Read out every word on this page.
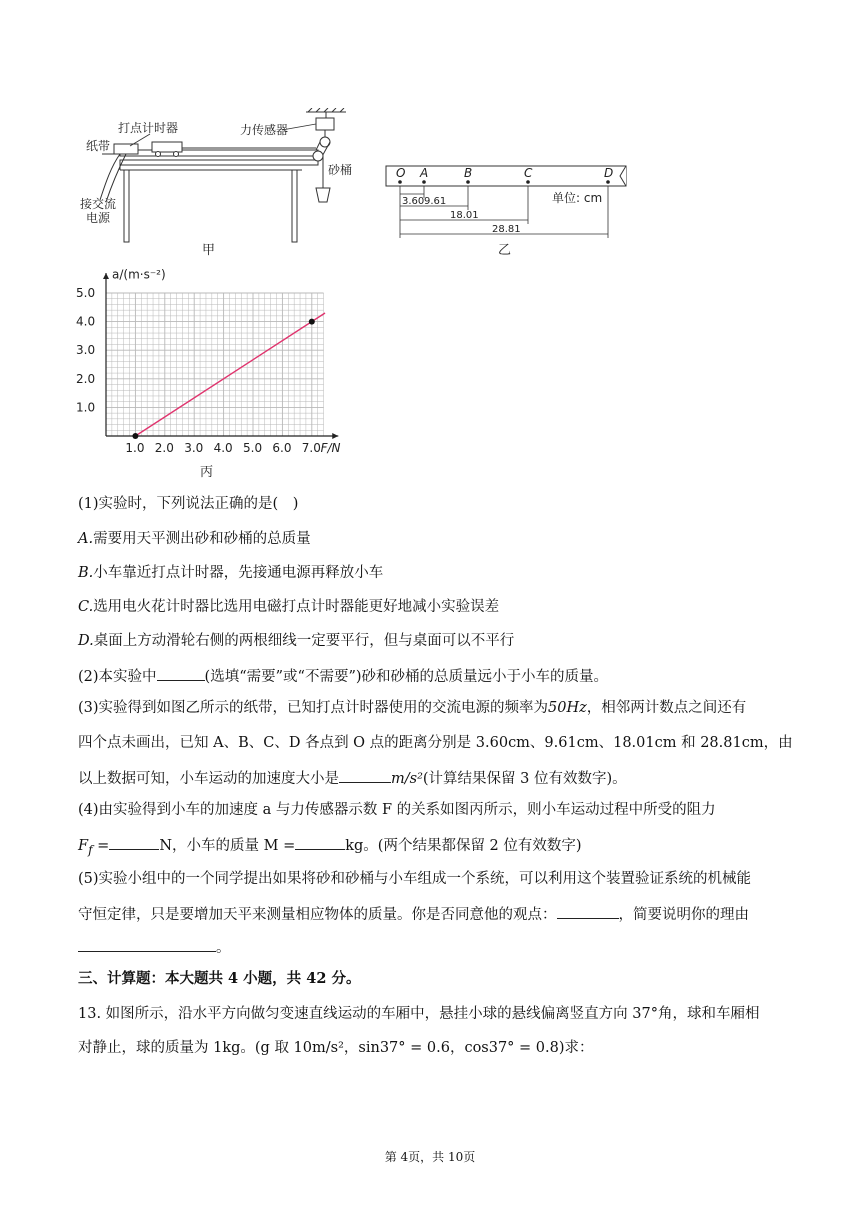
打点计时器	力传感器
纸带
砂桶
接交流
电源
甲
O A	B	C	D
单位: cm
3.60 9.61
18.01
28.81
乙
1.0 2.0 3.0 4.0 5.0 6.0 7.0
1.0
2.0
3.0
4.0
5.0
F/N
a/(m·s⁻²)
丙
(1)实验时，下列说法正确的是(　)
A.需要用天平测出砂和砂桶的总质量
B.小车靠近打点计时器，先接通电源再释放小车
C.选用电火花计时器比选用电磁打点计时器能更好地减小实验误差
D.桌面上方动滑轮右侧的两根细线一定要平行，但与桌面可以不平行
(2)本实验中	(选填“需要”或“不需要”)砂和砂桶的总质量远小于小车的质量。
(3)实验得到如图乙所示的纸带，已知打点计时器使用的交流电源的频率为50Hz，相邻两计数点之间还有
四个点未画出，已知 A、B、C、D 各点到 O 点的距离分别是 3.60cm、9.61cm、18.01cm 和 28.81cm，由
以上数据可知，小车运动的加速度大小是	m/s²(计算结果保留 3 位有效数字)。
(4)由实验得到小车的加速度 a 与力传感器示数 F 的关系如图丙所示，则小车运动过程中所受的阻力
$F_f$ =	N，小车的质量 M =	kg。(两个结果都保留 2 位有效数字)
(5)实验小组中的一个同学提出如果将砂和砂桶与小车组成一个系统，可以利用这个装置验证系统的机械能
守恒定律，只是要增加天平来测量相应物体的质量。你是否同意他的观点：	，简要说明你的理由
。
三、计算题：本大题共 4 小题，共 42 分。
13. 如图所示，沿水平方向做匀变速直线运动的车厢中，悬挂小球的悬线偏离竖直方向 37°角，球和车厢相
对静止，球的质量为 1kg。(g 取 10m/s²，sin37° = 0.6，cos37° = 0.8)求：
第 4页，共 10页
